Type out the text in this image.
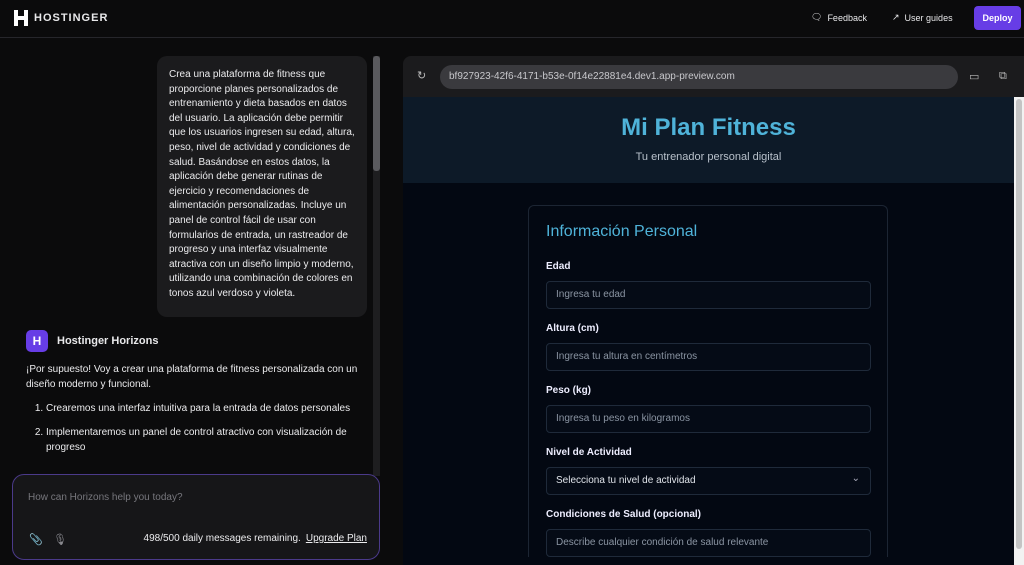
HOSTINGER	🗨 Feedback	↗ User guides	Deploy
Crea una plataforma de fitness que proporcione planes personalizados de entrenamiento y dieta basados en datos del usuario. La aplicación debe permitir que los usuarios ingresen su edad, altura, peso, nivel de actividad y condiciones de salud. Basándose en estos datos, la aplicación debe generar rutinas de ejercicio y recomendaciones de alimentación personalizadas. Incluye un panel de control fácil de usar con formularios de entrada, un rastreador de progreso y una interfaz visualmente atractiva con un diseño limpio y moderno, utilizando una combinación de colores en tonos azul verdoso y violeta.
H	Hostinger Horizons

¡Por supuesto! Voy a crear una plataforma de fitness personalizada con un diseño moderno y funcional.

1. Crearemos una interfaz intuitiva para la entrada de datos personales
2. Implementaremos un panel de control atractivo con visualización de progreso
How can Horizons help you today?
📎 🎙	498/500 daily messages remaining. Upgrade Plan
↻	bf927923-42f6-4171-b53e-0f14e22881e4.dev1.app-preview.com	▭ ⧉
Mi Plan Fitness

Tu entrenador personal digital

Información Personal
Edad
Ingresa tu edad
Altura (cm)
Ingresa tu altura en centímetros
Peso (kg)
Ingresa tu peso en kilogramos
Nivel de Actividad
Selecciona tu nivel de actividad	⌄
Condiciones de Salud (opcional)
Describe cualquier condición de salud relevante
